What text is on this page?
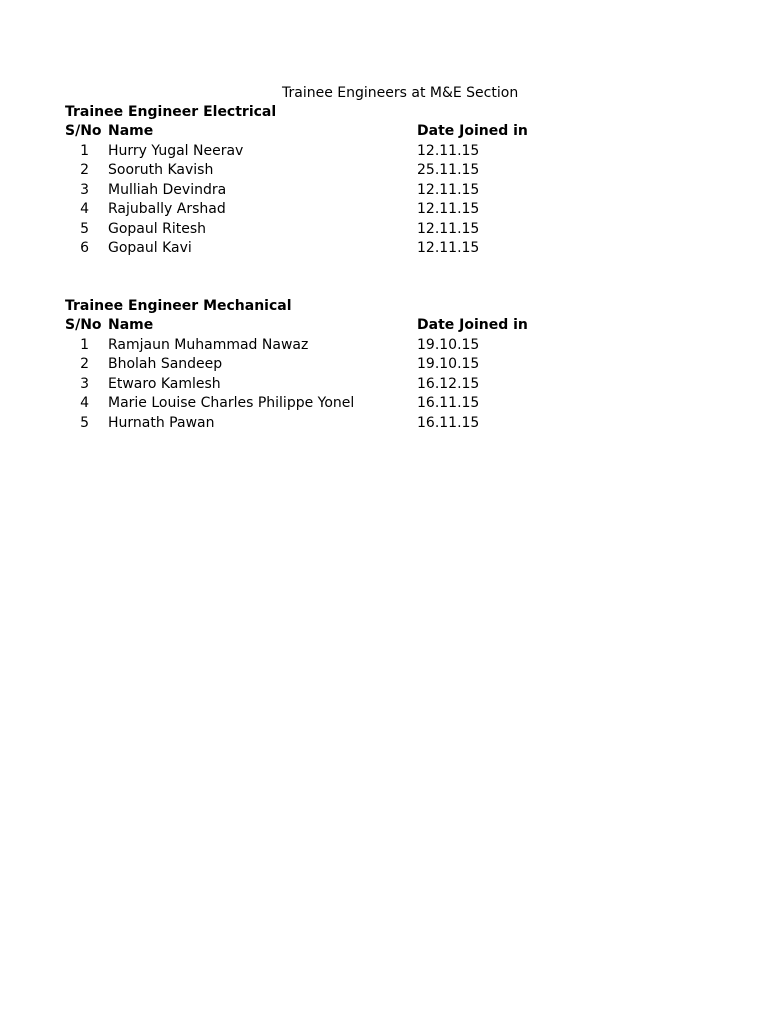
Trainee Engineers at M&E Section
Trainee Engineer Electrical
S/No Name	Date Joined in
1 Hurry Yugal Neerav	12.11.15
2 Sooruth Kavish	25.11.15
3 Mulliah Devindra	12.11.15
4 Rajubally Arshad	12.11.15
5 Gopaul Ritesh	12.11.15
6 Gopaul Kavi	12.11.15
Trainee Engineer Mechanical
S/No Name	Date Joined in
1 Ramjaun Muhammad Nawaz	19.10.15
2 Bholah Sandeep	19.10.15
3 Etwaro Kamlesh	16.12.15
4 Marie Louise Charles Philippe Yonel	16.11.15
5 Hurnath Pawan	16.11.15
